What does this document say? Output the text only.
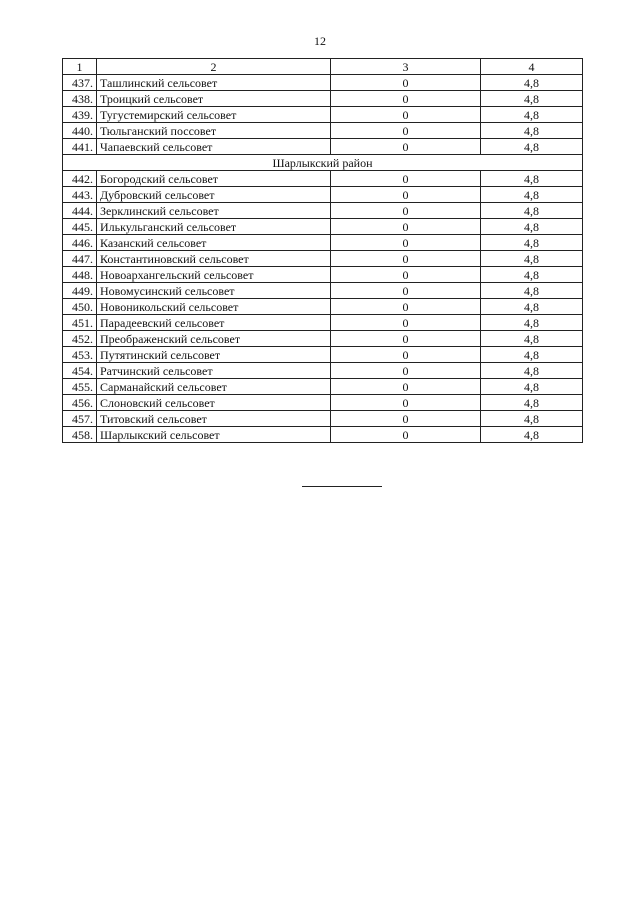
12
1	2	3	4
437.	Ташлинский сельсовет	0	4,8
438.	Троицкий сельсовет	0	4,8
439.	Тугустемирский сельсовет	0	4,8
440.	Тюльганский поссовет	0	4,8
441.	Чапаевский сельсовет	0	4,8
Шарлыкский район			
442.	Богородский сельсовет	0	4,8
443.	Дубровский сельсовет	0	4,8
444.	Зерклинский сельсовет	0	4,8
445.	Илькульганский сельсовет	0	4,8
446.	Казанский сельсовет	0	4,8
447.	Константиновский сельсовет	0	4,8
448.	Новоархангельский сельсовет	0	4,8
449.	Новомусинский сельсовет	0	4,8
450.	Новоникольский сельсовет	0	4,8
451.	Парадеевский сельсовет	0	4,8
452.	Преображенский сельсовет	0	4,8
453.	Путятинский сельсовет	0	4,8
454.	Ратчинский сельсовет	0	4,8
455.	Сарманайский сельсовет	0	4,8
456.	Слоновский сельсовет	0	4,8
457.	Титовский сельсовет	0	4,8
458.	Шарлыкский сельсовет	0	4,8
